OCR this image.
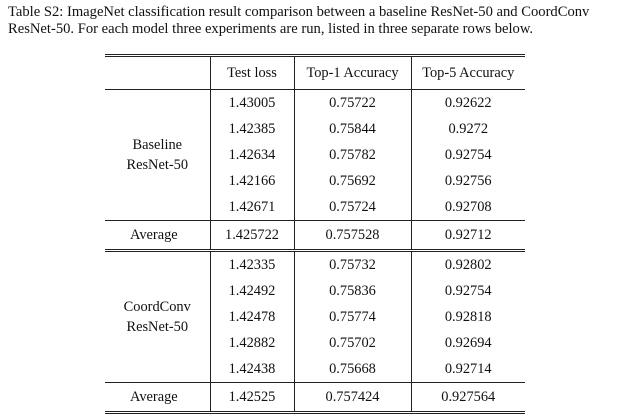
Table S2: ImageNet classification result comparison between a baseline ResNet-50 and CoordConv ResNet-50. For each model three experiments are run, listed in three separate rows below.

	Test loss	Top-1 Accuracy	Top-5 Accuracy

Baseline
ResNet-50	1.43005	0.75722	0.92622
	1.42385	0.75844	0.9272
	1.42634	0.75782	0.92754
	1.42166	0.75692	0.92756
	1.42671	0.75724	0.92708
Average	1.425722	0.757528	0.92712

CoordConv
ResNet-50	1.42335	0.75732	0.92802
	1.42492	0.75836	0.92754
	1.42478	0.75774	0.92818
	1.42882	0.75702	0.92694
	1.42438	0.75668	0.92714
Average	1.42525	0.757424	0.927564
